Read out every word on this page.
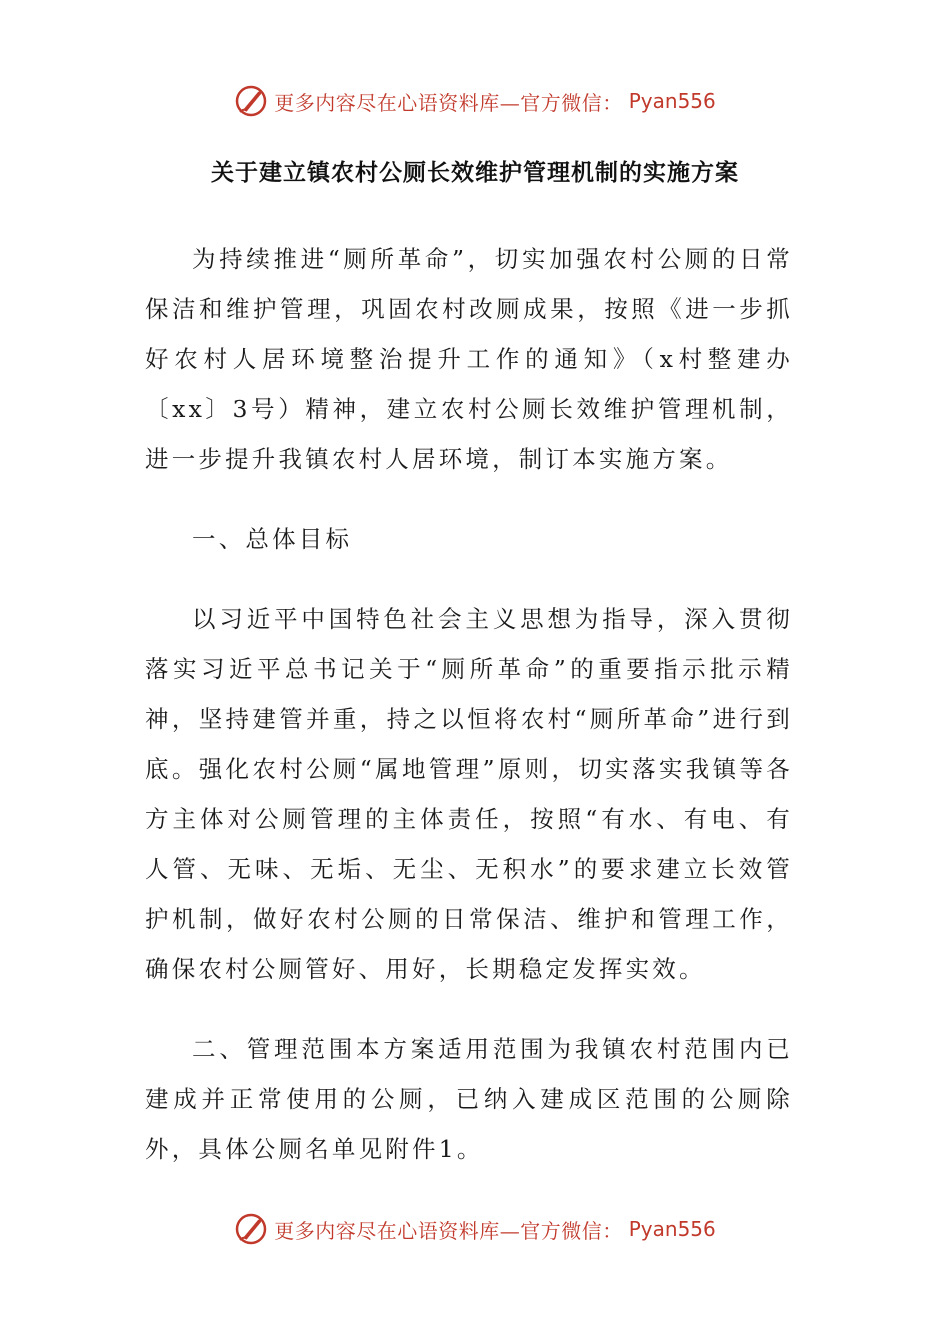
更多内容尽在心语资料库—官方微信： Pyan556
关于建立镇农村公厕长效维护管理机制的实施方案

为持续推进“厕所革命”，切实加强农村公厕的日常保洁和维护管理，巩固农村改厕成果，按照《进一步抓好农村人居环境整治提升工作的通知》（x村整建办〔xx〕3号）精神，建立农村公厕长效维护管理机制，进一步提升我镇农村人居环境，制订本实施方案。

一、总体目标

以习近平中国特色社会主义思想为指导，深入贯彻落实习近平总书记关于“厕所革命”的重要指示批示精神，坚持建管并重，持之以恒将农村“厕所革命”进行到底。强化农村公厕“属地管理”原则，切实落实我镇等各方主体对公厕管理的主体责任，按照“有水、有电、有人管、无味、无垢、无尘、无积水”的要求建立长效管护机制，做好农村公厕的日常保洁、维护和管理工作，确保农村公厕管好、用好，长期稳定发挥实效。

二、管理范围本方案适用范围为我镇农村范围内已建成并正常使用的公厕，已纳入建成区范围的公厕除外，具体公厕名单见附件1。

更多内容尽在心语资料库—官方微信： Pyan556
